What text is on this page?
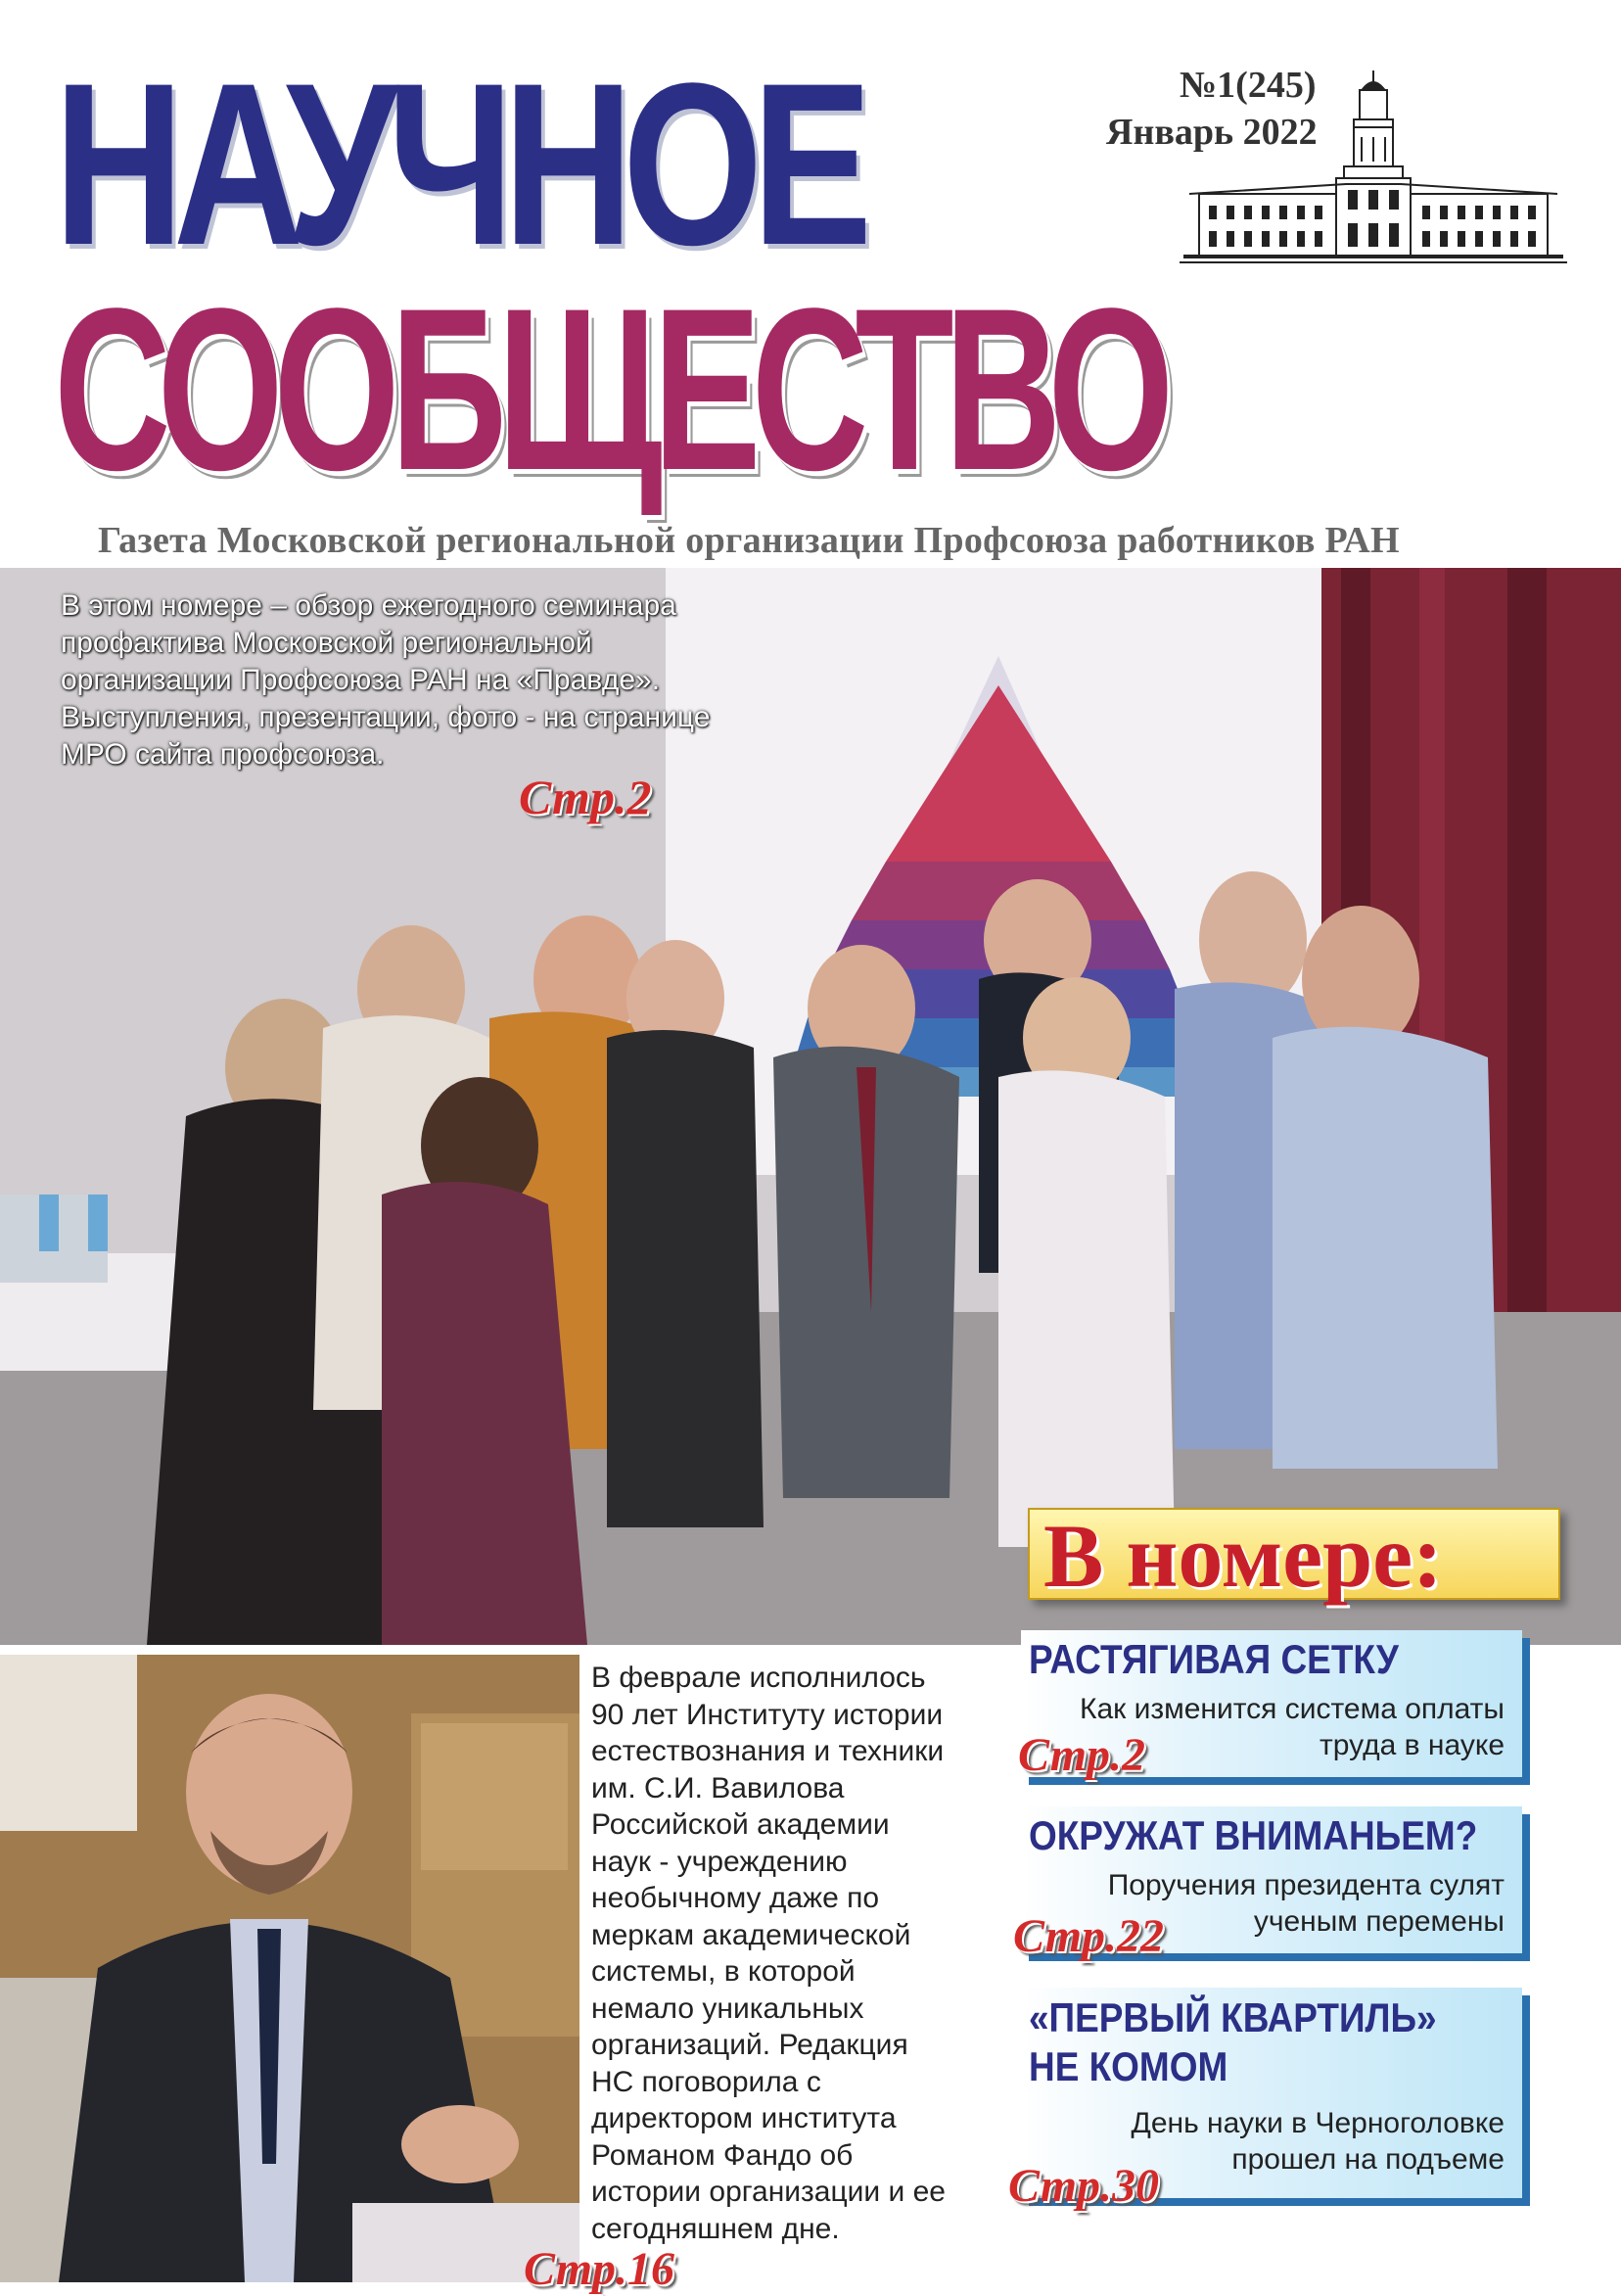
НАУЧНОЕ
СООБЩЕСТВО
№1(245)
Январь 2022
Газета Московской региональной организации Профсоюза работников РАН
В этом номере – обзор ежегодного семинара профактива Московской региональной организации Профсоюза РАН на «Правде». Выступления, презентации, фото - на странице МРО сайта профсоюза.
Стр.2
В номере:
РАСТЯГИВАЯ СЕТКУ
Как изменится система оплаты
труда в науке
Стр.2
ОКРУЖАТ ВНИМАНЬЕМ?
Поручения президента сулят
ученым перемены
Стр.22
«ПЕРВЫЙ КВАРТИЛЬ»
НЕ КОМОМ
День науки в Черноголовке
прошел на подъеме
Стр.30
В феврале исполнилось 90 лет Институту истории естествознания и техники им. С.И. Вавилова Российской академии наук - учреждению необычному даже по меркам академической системы, в которой немало уникальных организаций. Редакция НС поговорила с директором института Романом Фандо об истории организации и ее сегодняшнем дне.
Стр.16
